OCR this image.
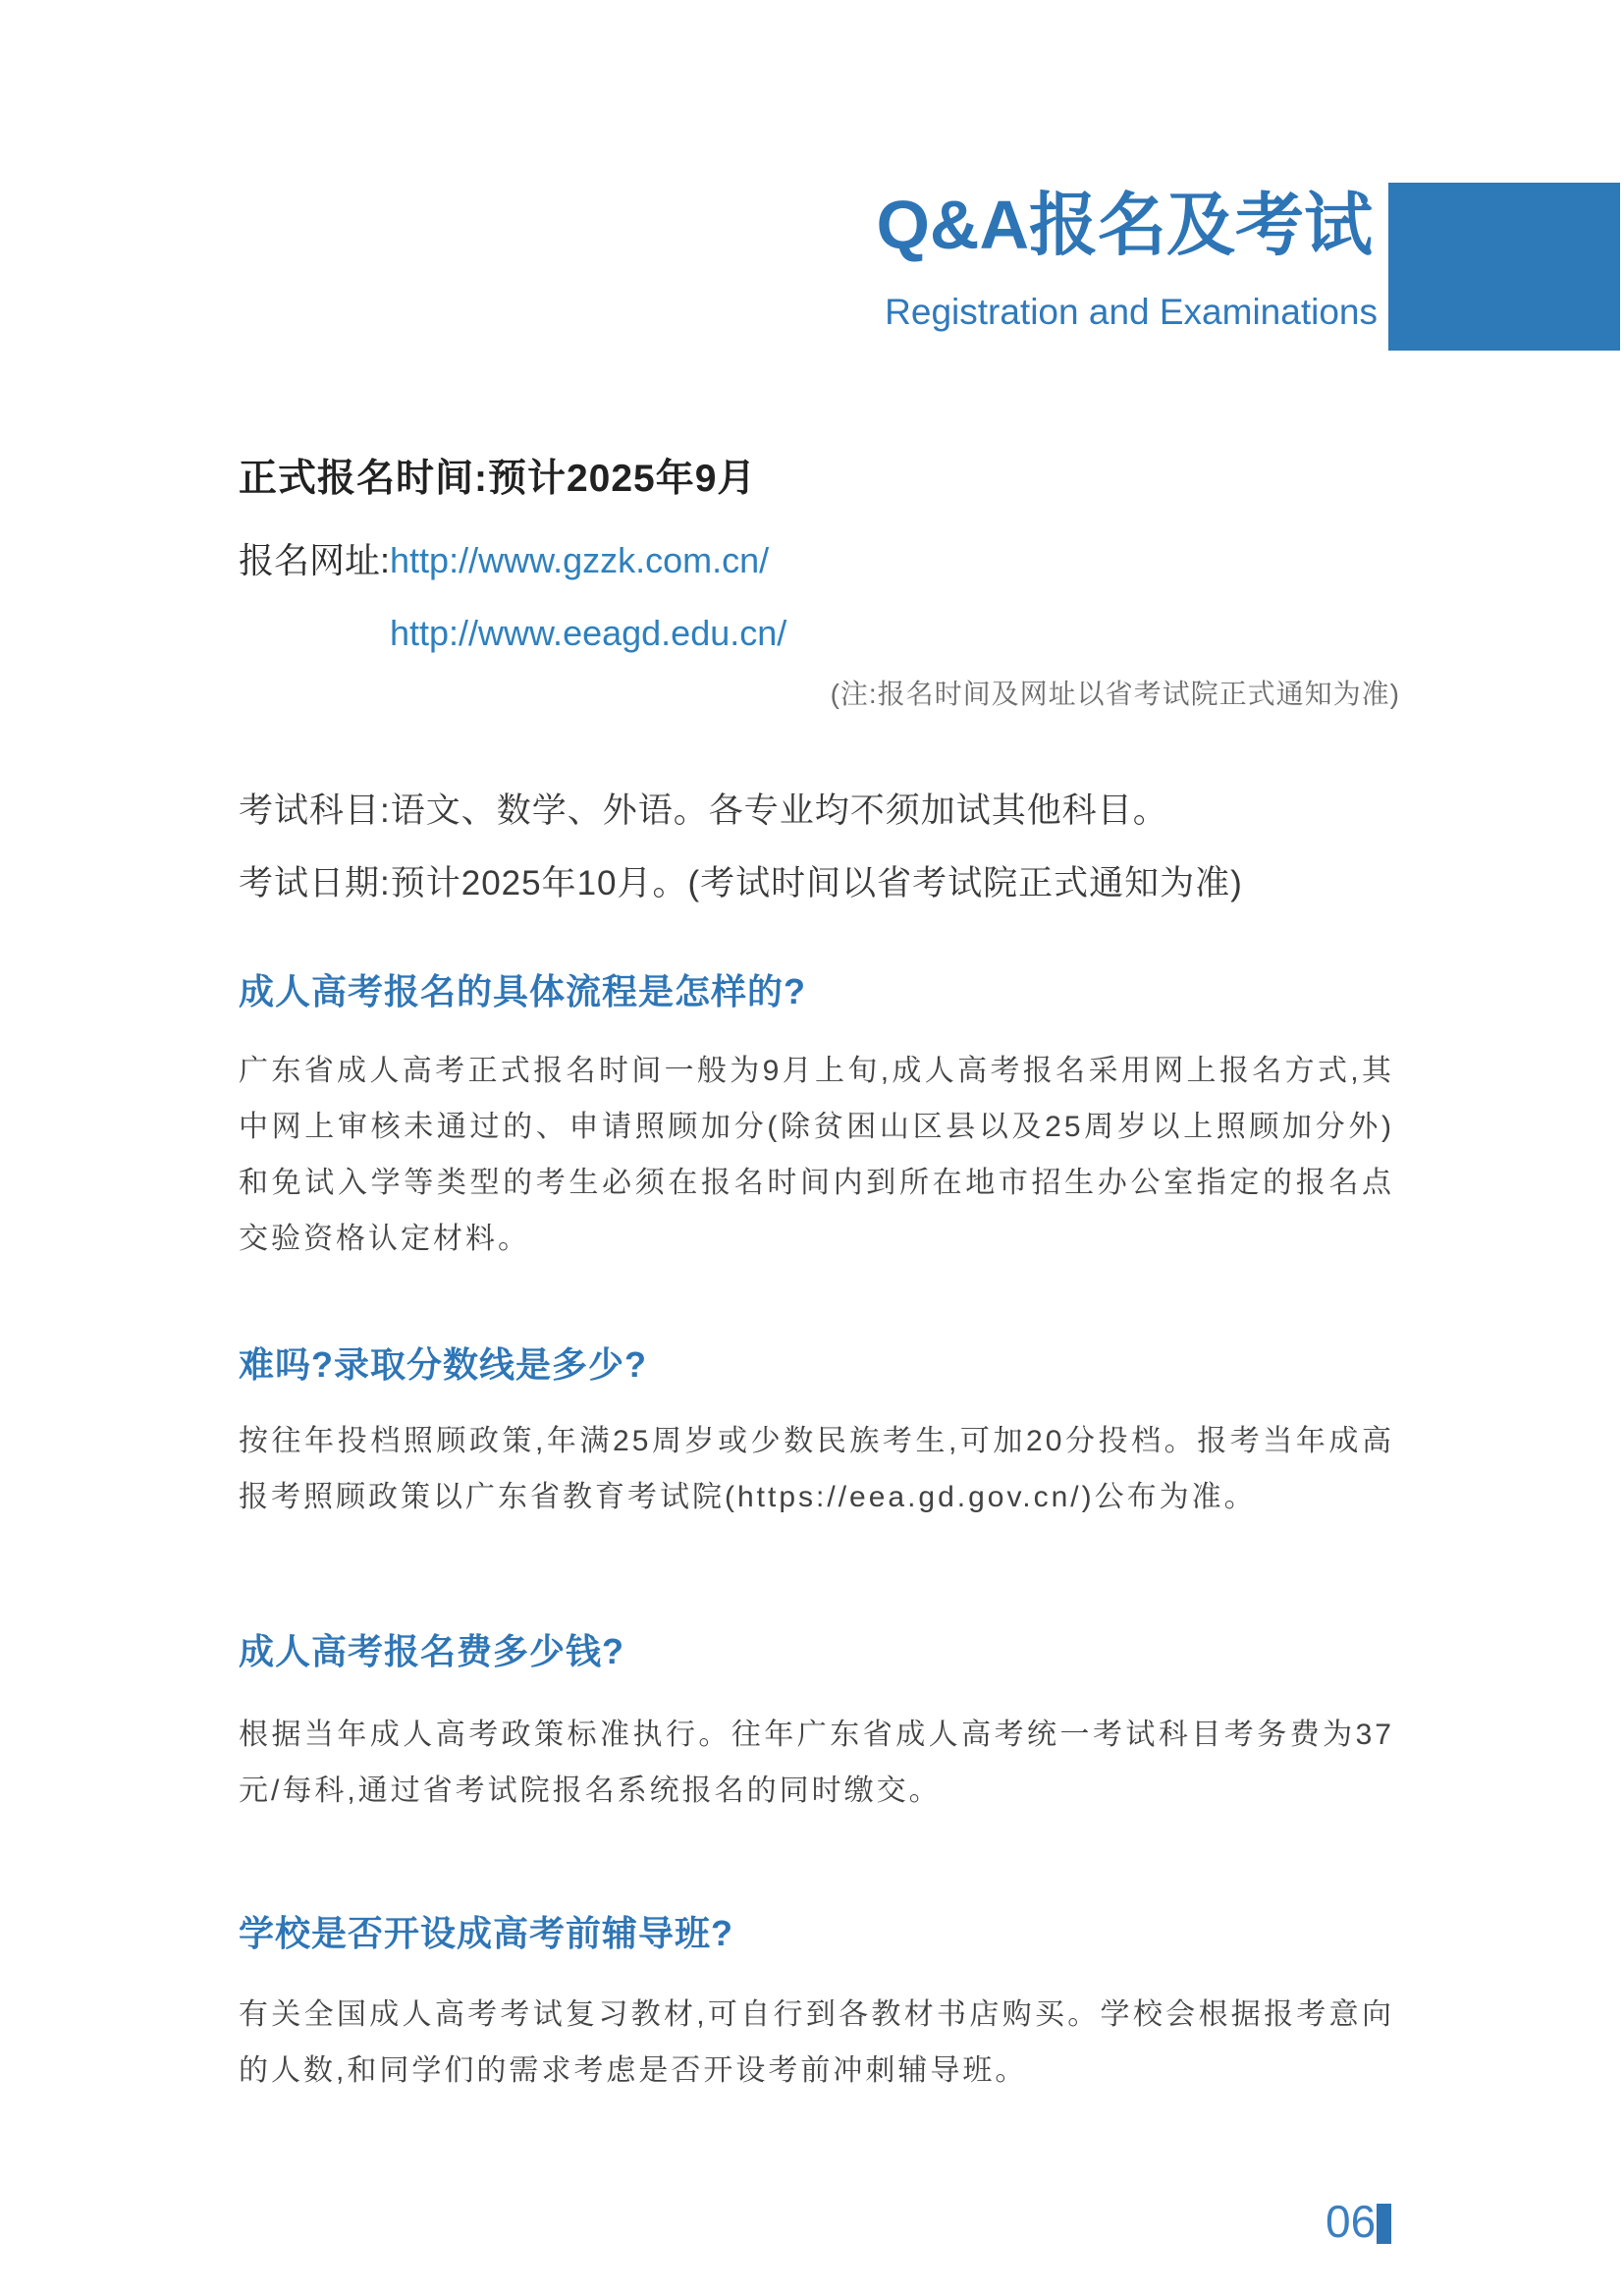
Q&A报名及考试
Registration and Examinations
正式报名时间:预计2025年9月
报名网址:http://www.gzzk.com.cn/
http://www.eeagd.edu.cn/
(注:报名时间及网址以省考试院正式通知为准)
考试科目:语文、数学、外语。各专业均不须加试其他科目。
考试日期:预计2025年10月。(考试时间以省考试院正式通知为准)
成人高考报名的具体流程是怎样的?

广东省成人高考正式报名时间一般为9月上旬,成人高考报名采用网上报名方式,其中网上审核未通过的、申请照顾加分(除贫困山区县以及25周岁以上照顾加分外)和免试入学等类型的考生必须在报名时间内到所在地市招生办公室指定的报名点交验资格认定材料。

难吗?录取分数线是多少?

按往年投档照顾政策,年满25周岁或少数民族考生,可加20分投档。报考当年成高报考照顾政策以广东省教育考试院(https://eea.gd.gov.cn/)公布为准。

成人高考报名费多少钱?

根据当年成人高考政策标准执行。往年广东省成人高考统一考试科目考务费为37元/每科,通过省考试院报名系统报名的同时缴交。

学校是否开设成高考前辅导班?

有关全国成人高考考试复习教材,可自行到各教材书店购买。学校会根据报考意向的人数,和同学们的需求考虑是否开设考前冲刺辅导班。

06
